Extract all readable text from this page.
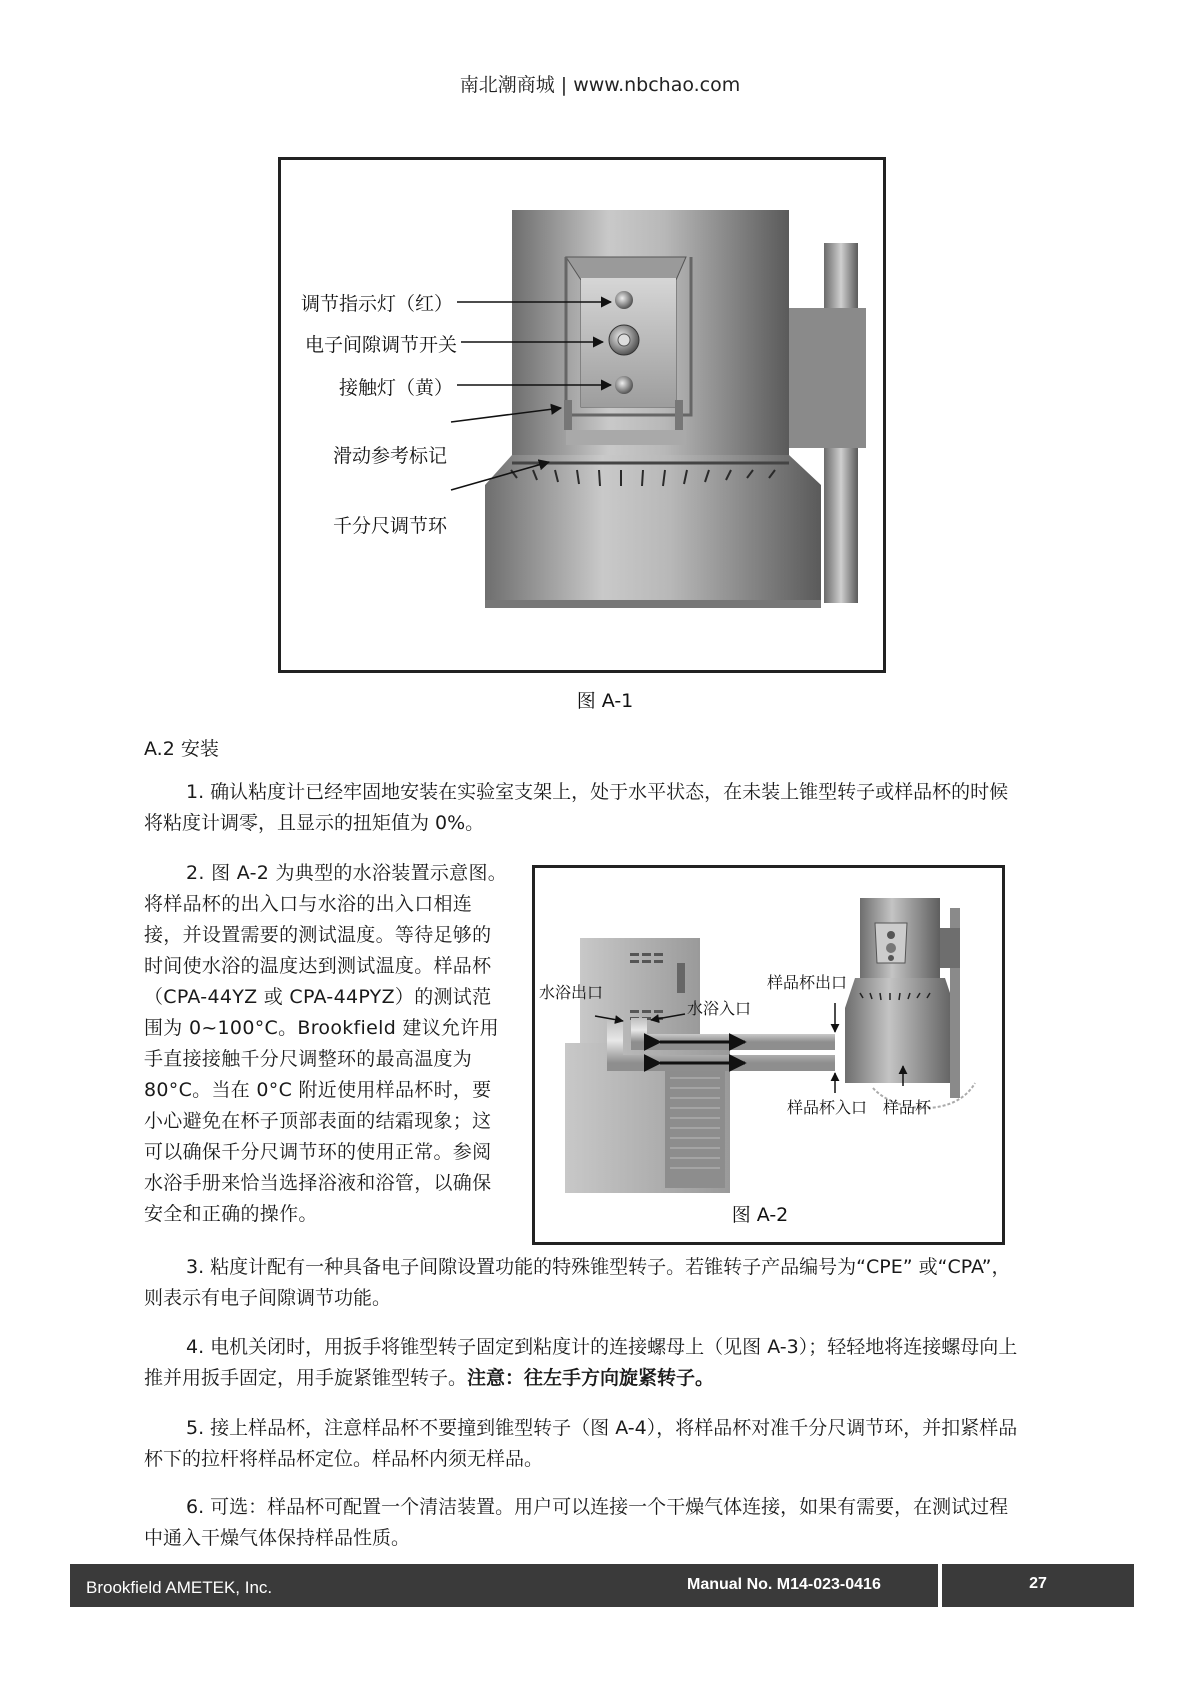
南北潮商城 | www.nbchao.com
调节指示灯（红）
电子间隙调节开关
接触灯（黄）
滑动参考标记
千分尺调节环
图 A-1
A.2 安装
1. 确认粘度计已经牢固地安装在实验室支架上，处于水平状态，在未装上锥型转子或样品杯的时候将粘度计调零，且显示的扭矩值为 0%。
2. 图 A-2 为典型的水浴装置示意图。将样品杯的出入口与水浴的出入口相连接，并设置需要的测试温度。等待足够的时间使水浴的温度达到测试温度。样品杯（CPA-44YZ 或 CPA-44PYZ）的测试范围为 0~100°C。Brookfield 建议允许用手直接接触千分尺调整环的最高温度为 80°C。当在 0°C 附近使用样品杯时，要小心避免在杯子顶部表面的结霜现象；这可以确保千分尺调节环的使用正常。参阅水浴手册来恰当选择浴液和浴管，以确保安全和正确的操作。
水浴出口
水浴入口
样品杯出口
样品杯入口 样品杯
图 A-2
3. 粘度计配有一种具备电子间隙设置功能的特殊锥型转子。若锥转子产品编号为“CPE” 或“CPA”，则表示有电子间隙调节功能。
4. 电机关闭时，用扳手将锥型转子固定到粘度计的连接螺母上（见图 A-3）；轻轻地将连接螺母向上推并用扳手固定，用手旋紧锥型转子。注意：往左手方向旋紧转子。
5. 接上样品杯，注意样品杯不要撞到锥型转子（图 A-4），将样品杯对准千分尺调节环，并扣紧样品杯下的拉杆将样品杯定位。样品杯内须无样品。
6. 可选：样品杯可配置一个清洁装置。用户可以连接一个干燥气体连接，如果有需要，在测试过程中通入干燥气体保持样品性质。
Brookfield AMETEK, Inc.	Manual No. M14-023-0416	27
